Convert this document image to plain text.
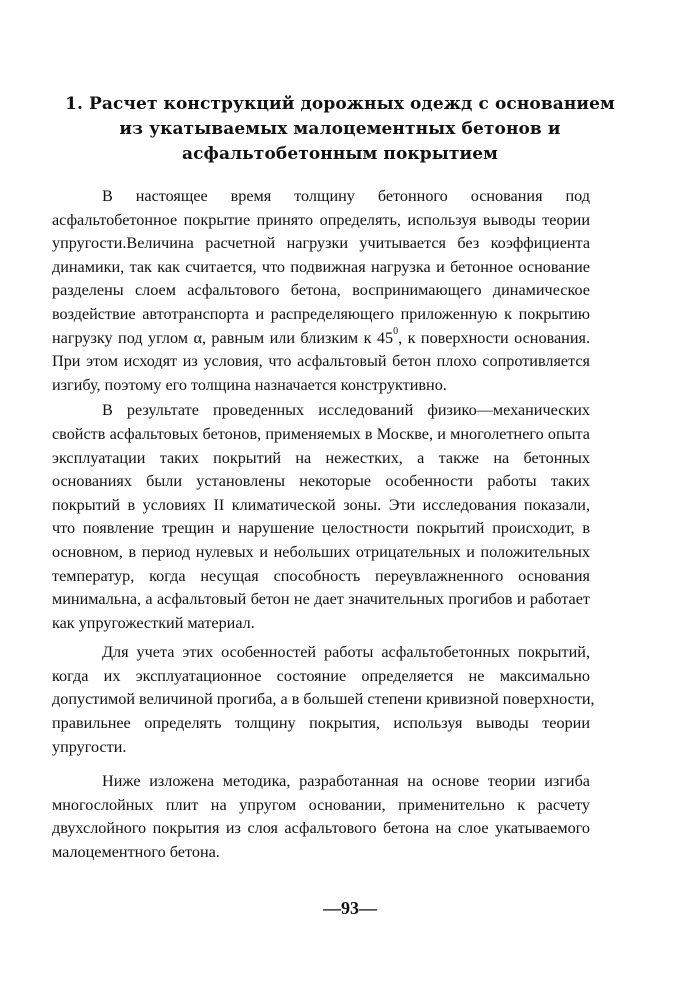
1. Расчет конструкций дорожных одежд с основанием
из укатываемых малоцементных бетонов и
асфальтобетонным покрытием

В настоящее время толщину бетонного основания под
асфальтобетонное покрытие принято определять, используя выводы теории
упругости.Величина расчетной нагрузки учитывается без коэффициента
динамики, так как считается, что подвижная нагрузка и бетонное основание
разделены слоем асфальтового бетона, воспринимающего динамическое
воздействие автотранспорта и распределяющего приложенную к покрытию
нагрузку под углом α, равным или близким к $45^0$, к поверхности основания.
При этом исходят из условия, что асфальтовый бетон плохо сопротивляется
изгибу, поэтому его толщина назначается конструктивно.

В результате проведенных исследований физико—механических
свойств асфальтовых бетонов, применяемых в Москве, и многолетнего опыта
эксплуатации таких покрытий на нежестких, а также на бетонных
основаниях были установлены некоторые особенности работы таких
покрытий в условиях II климатической зоны. Эти исследования показали,
что появление трещин и нарушение целостности покрытий происходит, в
основном, в период нулевых и небольших отрицательных и положительных
температур, когда несущая способность переувлажненного основания
минимальна, а асфальтовый бетон не дает значительных прогибов и работает
как упругожесткий материал.

Для учета этих особенностей работы асфальтобетонных покрытий,
когда их эксплуатационное состояние определяется не максимально
допустимой величиной прогиба, а в большей степени кривизной поверхности,
правильнее определять толщину покрытия, используя выводы теории
упругости.

Ниже изложена методика, разработанная на основе теории изгиба
многослойных плит на упругом основании, применительно к расчету
двухслойного покрытия из слоя асфальтового бетона на слое укатываемого
малоцементного бетона.

—93—
